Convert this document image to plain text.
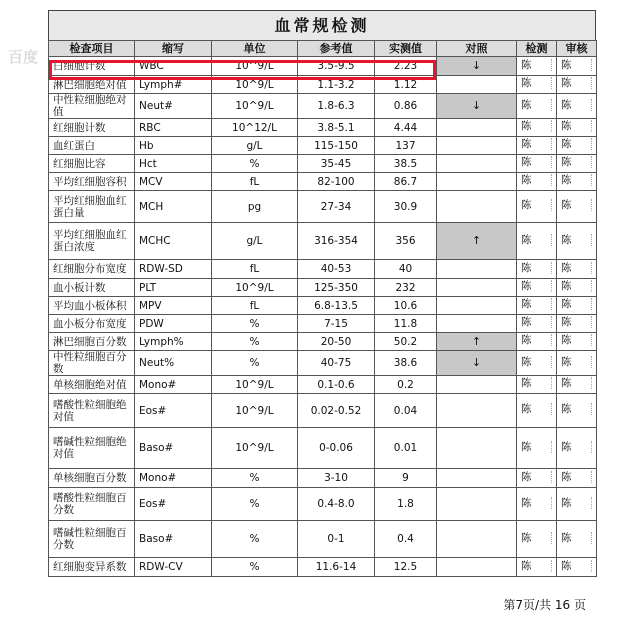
百度
血常规检测
检查项目	缩写	单位	参考值	实测值	对照	检测	审核
白细胞计数	WBC	10^9/L	3.5-9.5	2.23	↓	陈	陈
淋巴细胞绝对值	Lymph#	10^9/L	1.1-3.2	1.12		陈	陈
中性粒细胞绝对值	Neut#	10^9/L	1.8-6.3	0.86	↓	陈	陈
红细胞计数	RBC	10^12/L	3.8-5.1	4.44		陈	陈
血红蛋白	Hb	g/L	115-150	137		陈	陈
红细胞比容	Hct	%	35-45	38.5		陈	陈
平均红细胞容积	MCV	fL	82-100	86.7		陈	陈
平均红细胞血红蛋白量	MCH	pg	27-34	30.9		陈	陈
平均红细胞血红蛋白浓度	MCHC	g/L	316-354	356	↑	陈	陈
红细胞分布宽度	RDW-SD	fL	40-53	40		陈	陈
血小板计数	PLT	10^9/L	125-350	232		陈	陈
平均血小板体积	MPV	fL	6.8-13.5	10.6		陈	陈
血小板分布宽度	PDW	%	7-15	11.8		陈	陈
淋巴细胞百分数	Lymph%	%	20-50	50.2	↑	陈	陈
中性粒细胞百分数	Neut%	%	40-75	38.6	↓	陈	陈
单核细胞绝对值	Mono#	10^9/L	0.1-0.6	0.2		陈	陈
嗜酸性粒细胞绝对值	Eos#	10^9/L	0.02-0.52	0.04		陈	陈
嗜碱性粒细胞绝对值	Baso#	10^9/L	0-0.06	0.01		陈	陈
单核细胞百分数	Mono#	%	3-10	9		陈	陈
嗜酸性粒细胞百分数	Eos#	%	0.4-8.0	1.8		陈	陈
嗜碱性粒细胞百分数	Baso#	%	0-1	0.4		陈	陈
红细胞变异系数	RDW-CV	%	11.6-14	12.5		陈	陈
第7页/共 16 页
